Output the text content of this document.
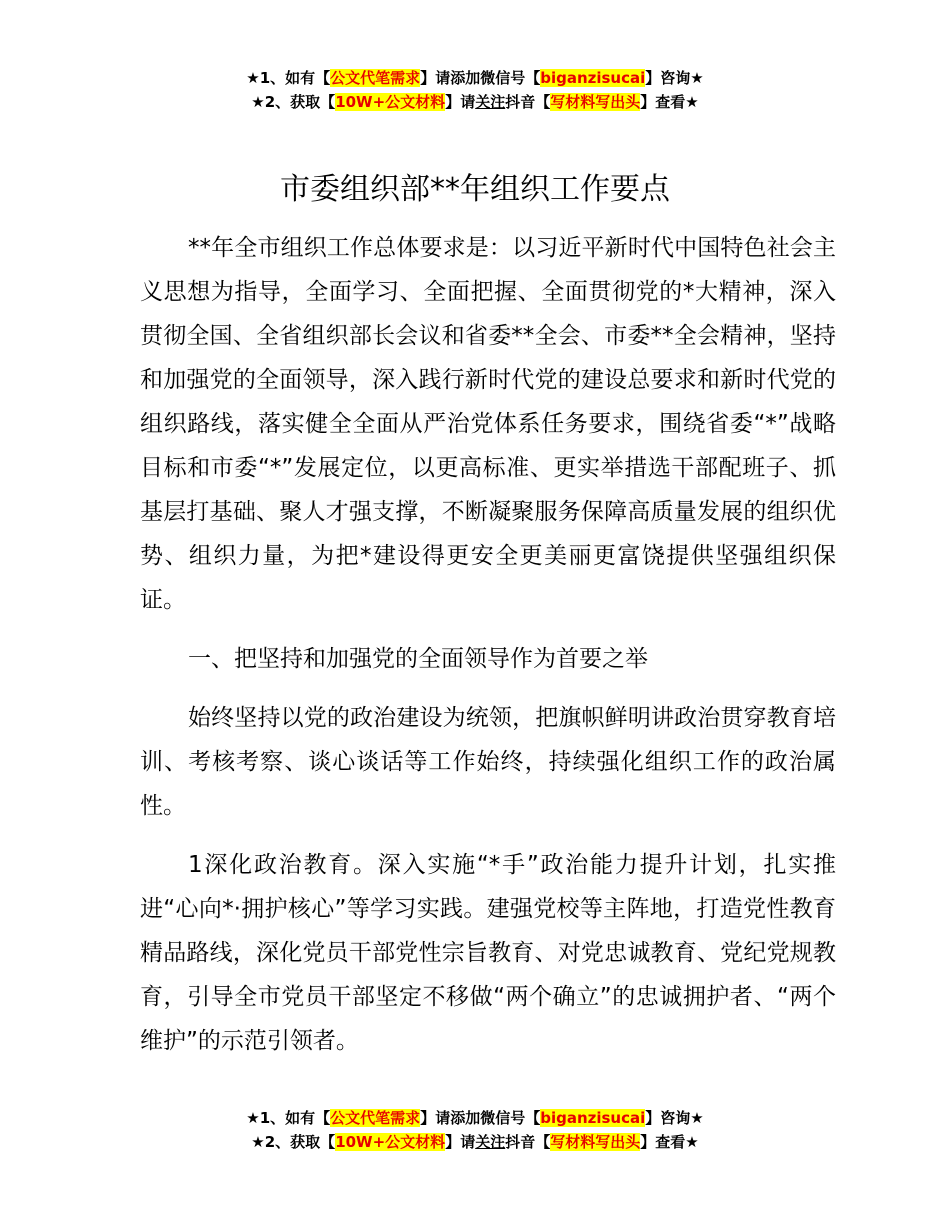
★1、如有【公文代笔需求】请添加微信号【biganzisucai】咨询★
★2、获取【10W+公文材料】请关注抖音【写材料写出头】查看★
市委组织部**年组织工作要点

**年全市组织工作总体要求是：以习近平新时代中国特色社会主义思想为指导，全面学习、全面把握、全面贯彻党的*大精神，深入贯彻全国、全省组织部长会议和省委**全会、市委**全会精神，坚持和加强党的全面领导，深入践行新时代党的建设总要求和新时代党的组织路线，落实健全全面从严治党体系任务要求，围绕省委“*”战略目标和市委“*”发展定位，以更高标准、更实举措选干部配班子、抓基层打基础、聚人才强支撑，不断凝聚服务保障高质量发展的组织优势、组织力量，为把*建设得更安全更美丽更富饶提供坚强组织保证。

一、把坚持和加强党的全面领导作为首要之举

始终坚持以党的政治建设为统领，把旗帜鲜明讲政治贯穿教育培训、考核考察、谈心谈话等工作始终，持续强化组织工作的政治属性。

1深化政治教育。深入实施“*手”政治能力提升计划，扎实推进“心向*·拥护核心”等学习实践。建强党校等主阵地，打造党性教育精品路线，深化党员干部党性宗旨教育、对党忠诚教育、党纪党规教育，引导全市党员干部坚定不移做“两个确立”的忠诚拥护者、“两个维护”的示范引领者。

★1、如有【公文代笔需求】请添加微信号【biganzisucai】咨询★
★2、获取【10W+公文材料】请关注抖音【写材料写出头】查看★
